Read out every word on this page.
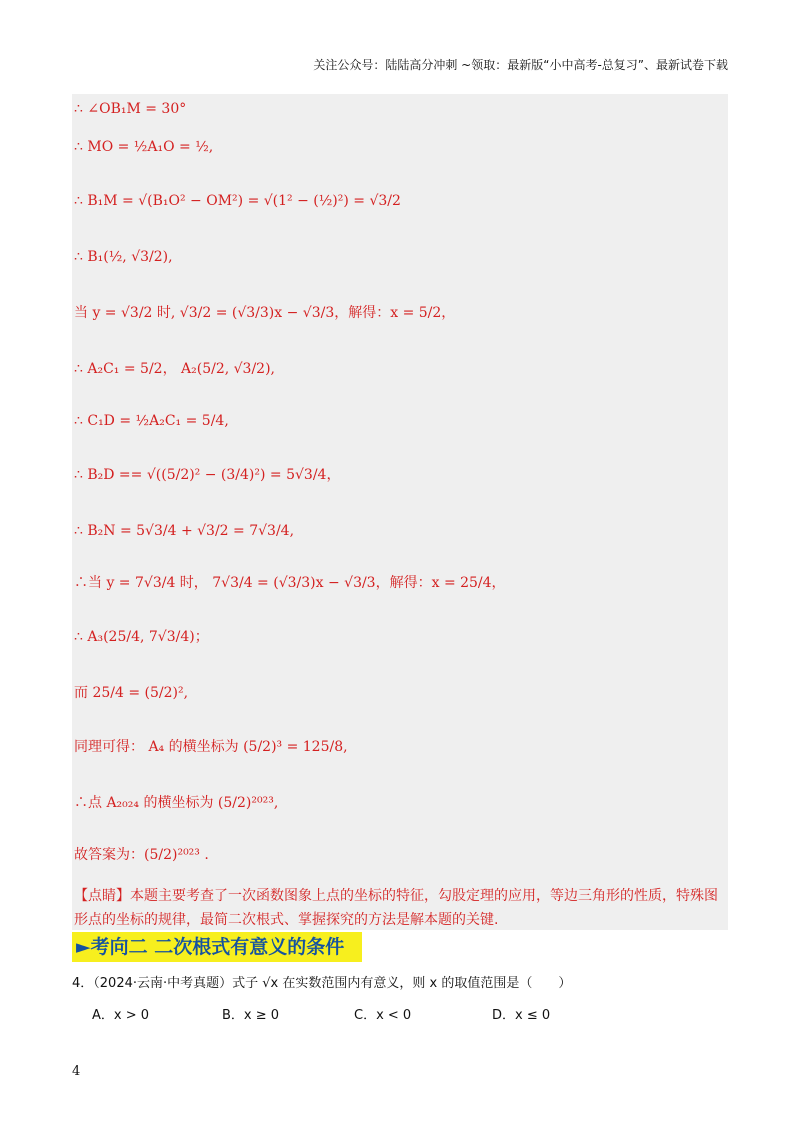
关注公众号：陆陆高分冲刺 ~领取：最新版“小中高考-总复习”、最新试卷下载
∴ ∠OB₁M = 30°
∴ MO = ½A₁O = ½,
∴ B₁M = √(B₁O² − OM²) = √(1² − (½)²) = √3/2
∴ B₁(½, √3/2),
当 y = √3/2 时, √3/2 = (√3/3)x − √3/3，解得：x = 5/2，
∴ A₂C₁ = 5/2， A₂(5/2, √3/2),
∴ C₁D = ½A₂C₁ = 5/4,
∴ B₂D == √((5/2)² − (3/4)²) = 5√3/4，
∴ B₂N = 5√3/4 + √3/2 = 7√3/4,
∴当 y = 7√3/4 时， 7√3/4 = (√3/3)x − √3/3，解得：x = 25/4，
∴ A₃(25/4, 7√3/4)；
而 25/4 = (5/2)²,
同理可得： A₄ 的横坐标为 (5/2)³ = 125/8,
∴点 A₂₀₂₄ 的横坐标为 (5/2)²⁰²³,
故答案为：(5/2)²⁰²³ .
【点睛】本题主要考查了一次函数图象上点的坐标的特征，勾股定理的应用，等边三角形的性质，特殊图形点的坐标的规律，最简二次根式、掌握探究的方法是解本题的关键.
►考向二 二次根式有意义的条件
4．（2024·云南·中考真题）式子 √x 在实数范围内有意义，则 x 的取值范围是（　　）
A．x > 0	B．x ≥ 0	C．x < 0	D．x ≤ 0
4
